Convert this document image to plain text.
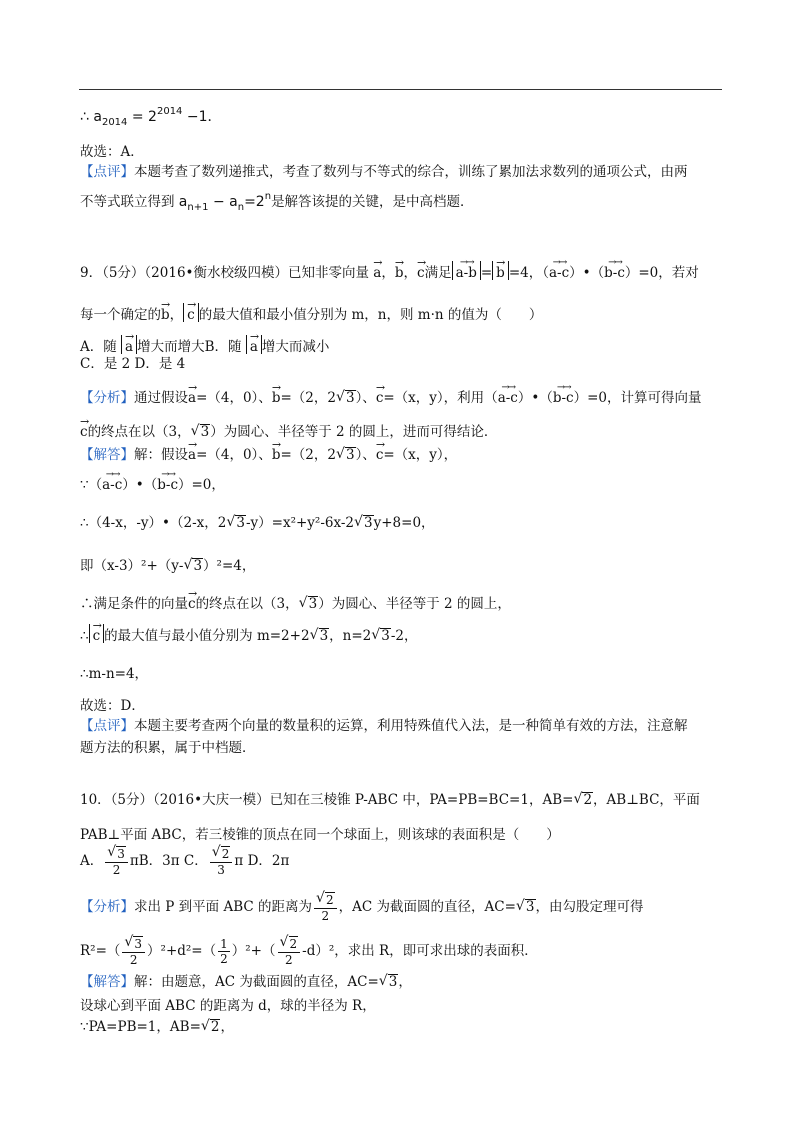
∴ $a_{2014} = 2^{2014} -1$．
故选：A．
【点评】本题考查了数列递推式，考查了数列与不等式的综合，训练了累加法求数列的通项公式，由两
不等式联立得到 $a_{n+1} - a_n=2^n$是解答该提的关键，是中高档题．
9．（5分）（2016•衡水校级四模）已知非零向量 → a，→ b，→ c满足 →→ a-b = → b =4，（→→ a-c）•（→→ b-c）=0，若对
每一个确定的→ b， → c 的最大值和最小值分别为 m，n，则 m·n 的值为（　　）
A．随 → a 增大而增大B．随 → a 增大而减小
C．是 2 D．是 4
【分析】通过假设→ a=（4，0）、→ b=（2，2 √ 3）、→ c=（x，y），利用（→→ a-c）•（→→ b-c）=0，计算可得向量
→ c的终点在以（3， √ 3）为圆心、半径等于 2 的圆上，进而可得结论．
【解答】解：假设→ a=（4，0）、→ b=（2，2 √ 3）、→ c=（x，y），
∵（→→ a-c）•（→→ b-c）=0，
∴（4-x，-y）•（2-x，2 √ 3-y）=x²+y²-6x-2 √ 3y+8=0，
即（x-3）²+（y- √ 3）²=4，
∴满足条件的向量→ c的终点在以（3， √ 3）为圆心、半径等于 2 的圆上，
∴ → c 的最大值与最小值分别为 m=2+2 √ 3，n=2 √ 3-2，
∴m-n=4，
故选：D．
【点评】本题主要考查两个向量的数量积的运算，利用特殊值代入法，是一种简单有效的方法，注意解
题方法的积累，属于中档题．
10．（5分）（2016•大庆一模）已知在三棱锥 P-ABC 中，PA=PB=BC=1，AB= √ 2，AB⊥BC，平面
PAB⊥平面 ABC，若三棱锥的顶点在同一个球面上，则该球的表面积是（　　）
A． √ $\frac{3}{2}$ πB．3π C． √ $\frac{2}{3}$ π D．2π
【分析】求出 P 到平面 ABC 的距离为 √ $\frac{2}{2}$ ，AC 为截面圆的直径，AC= √ 3，由勾股定理可得
R²=（ √ $\frac{3}{2} )^2+d^2=( \frac{1}{2} )^2+$（ √ $\frac{2}{2} -d)^2$，求出 R，即可求出球的表面积．
【解答】解：由题意，AC 为截面圆的直径，AC= √ 3，
设球心到平面 ABC 的距离为 d，球的半径为 R，
∵PA=PB=1，AB= √ 2，
